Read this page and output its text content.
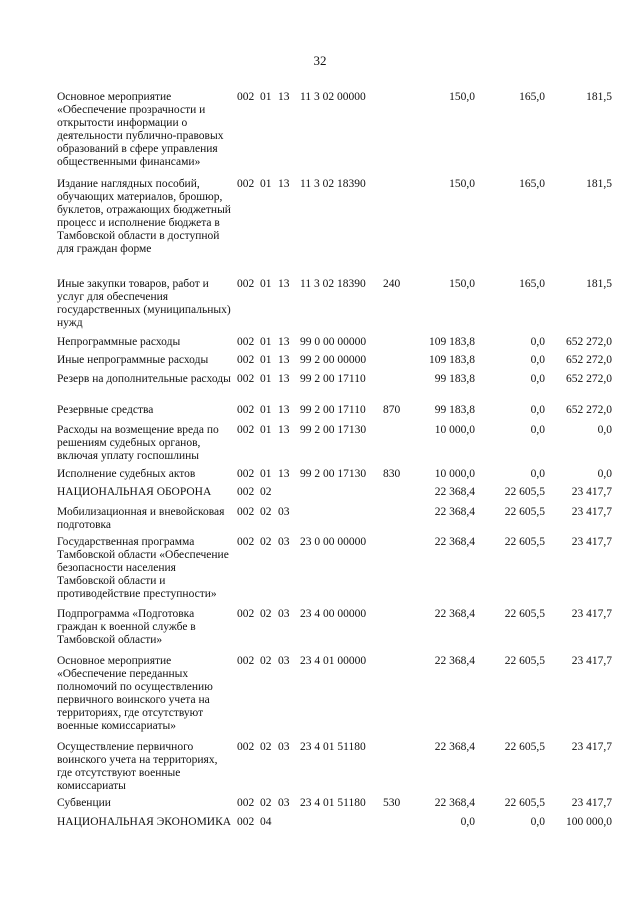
32
Основное мероприятие «Обеспечение прозрачности и открытости информации о деятельности публично-правовых образований в сфере управления общественными финансами»
002 01 13 11 3 02 00000	150,0	165,0	181,5
Издание наглядных пособий, обучающих материалов, брошюр, буклетов, отражающих бюджетный процесс и исполнение бюджета в Тамбовской области в доступной для граждан форме
002 01 13 11 3 02 18390	150,0	165,0	181,5
Иные закупки товаров, работ и услуг для обеспечения государственных (муниципальных) нужд
002 01 13 11 3 02 18390 240	150,0	165,0	181,5
Непрограммные расходы	002 01 13 99 0 00 00000	109 183,8	0,0 652 272,0
Иные непрограммные расходы	002 01 13 99 2 00 00000	109 183,8	0,0 652 272,0
Резерв на дополнительные расходы 002 01 13 99 2 00 17110	99 183,8	0,0 652 272,0
Резервные средства	002 01 13 99 2 00 17110 870	99 183,8	0,0 652 272,0
Расходы на возмещение вреда по решениям судебных органов, включая уплату госпошлины
002 01 13 99 2 00 17130	10 000,0	0,0	0,0
Исполнение судебных актов	002 01 13 99 2 00 17130 830	10 000,0	0,0	0,0
НАЦИОНАЛЬНАЯ ОБОРОНА	002 02	22 368,4	22 605,5 23 417,7
Мобилизационная и вневойсковая подготовка
002 02 03	22 368,4	22 605,5 23 417,7
Государственная программа Тамбовской области «Обеспечение безопасности населения Тамбовской области и противодействие преступности»
002 02 03 23 0 00 00000	22 368,4	22 605,5 23 417,7
Подпрограмма «Подготовка граждан к военной службе в Тамбовской области»
002 02 03 23 4 00 00000	22 368,4	22 605,5 23 417,7
Основное мероприятие «Обеспечение переданных полномочий по осуществлению первичного воинского учета на территориях, где отсутствуют военные комиссариаты»
002 02 03 23 4 01 00000	22 368,4	22 605,5 23 417,7
Осуществление первичного воинского учета на территориях, где отсутствуют военные комиссариаты
002 02 03 23 4 01 51180	22 368,4	22 605,5 23 417,7
Субвенции	002 02 03 23 4 01 51180 530	22 368,4	22 605,5 23 417,7
НАЦИОНАЛЬНАЯ ЭКОНОМИКА 002 04	0,0	0,0 100 000,0
